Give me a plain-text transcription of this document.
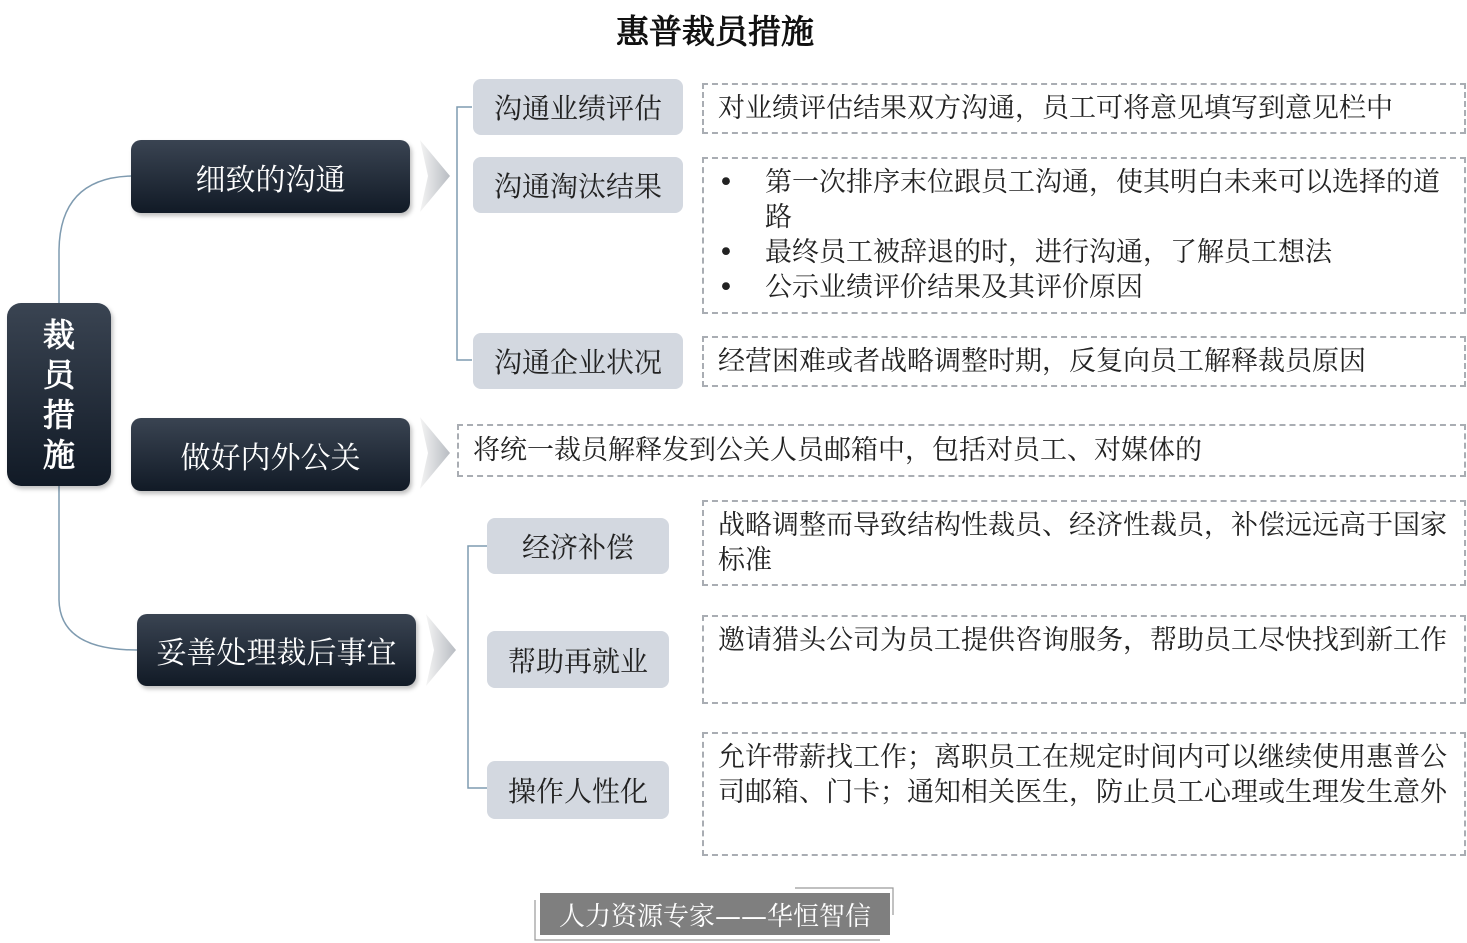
惠普裁员措施
裁
员
措
施
细致的沟通
做好内外公关
妥善处理裁后事宜
沟通业绩评估
沟通淘汰结果
沟通企业状况
对业绩评估结果双方沟通，员工可将意见填写到意见栏中
• 第一次排序末位跟员工沟通，使其明白未来可以选择的道路
• 最终员工被辞退的时，进行沟通，了解员工想法
• 公示业绩评价结果及其评价原因
经营困难或者战略调整时期，反复向员工解释裁员原因
将统一裁员解释发到公关人员邮箱中，包括对员工、对媒体的
经济补偿
帮助再就业
操作人性化
战略调整而导致结构性裁员、经济性裁员，补偿远远高于国家标准
邀请猎头公司为员工提供咨询服务，帮助员工尽快找到新工作
允许带薪找工作；离职员工在规定时间内可以继续使用惠普公司邮箱、门卡；通知相关医生，防止员工心理或生理发生意外
人力资源专家——华恒智信
